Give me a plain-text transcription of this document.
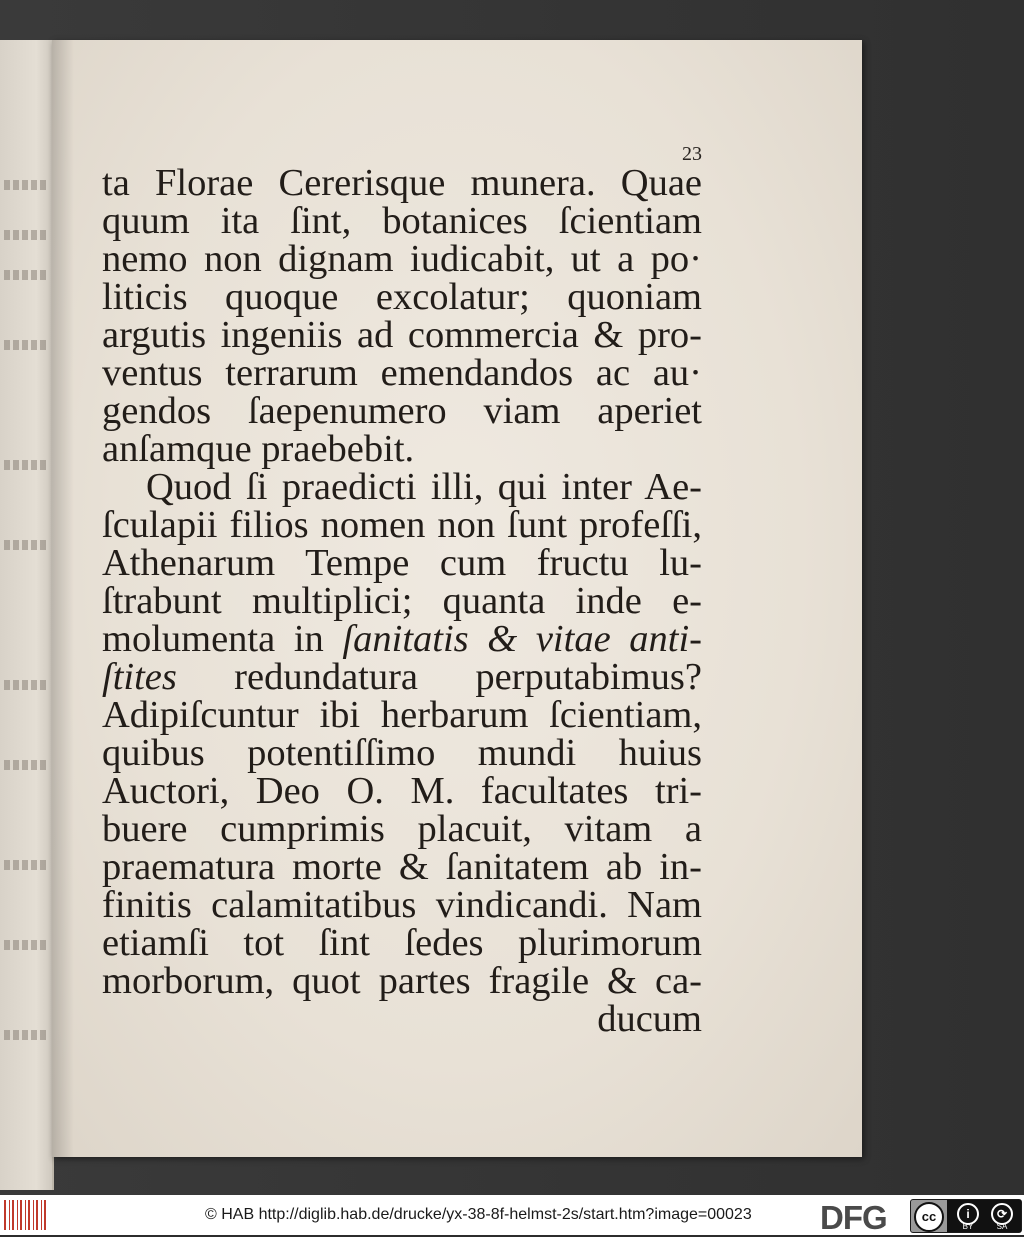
23
ta Florae Cererisque munera. Quae
quum ita ſint, botanices ſcientiam
nemo non dignam iudicabit, ut a po·
liticis quoque excolatur; quoniam
argutis ingeniis ad commercia & pro-
ventus terrarum emendandos ac au·
gendos ſaepenumero viam aperiet
anſamque praebebit.
Quod ſi praedicti illi, qui inter Ae-
ſculapii filios nomen non ſunt profeſſi,
Athenarum Tempe cum fructu lu-
ſtrabunt multiplici; quanta inde e-
molumenta in ſanitatis & vitae anti-
ſtites redundatura perputabimus?
Adipiſcuntur ibi herbarum ſcientiam,
quibus potentiſſimo mundi huius
Auctori, Deo O. M. facultates tri-
buere cumprimis placuit, vitam a
praematura morte & ſanitatem ab in-
finitis calamitatibus vindicandi. Nam
etiamſi tot ſint ſedes plurimorum
morborum, quot partes fragile & ca-
ducum
© HAB http://diglib.hab.de/drucke/yx-38-8f-helmst-2s/start.htm?image=00023 DFG	cc	i
BY
⟳
SA
